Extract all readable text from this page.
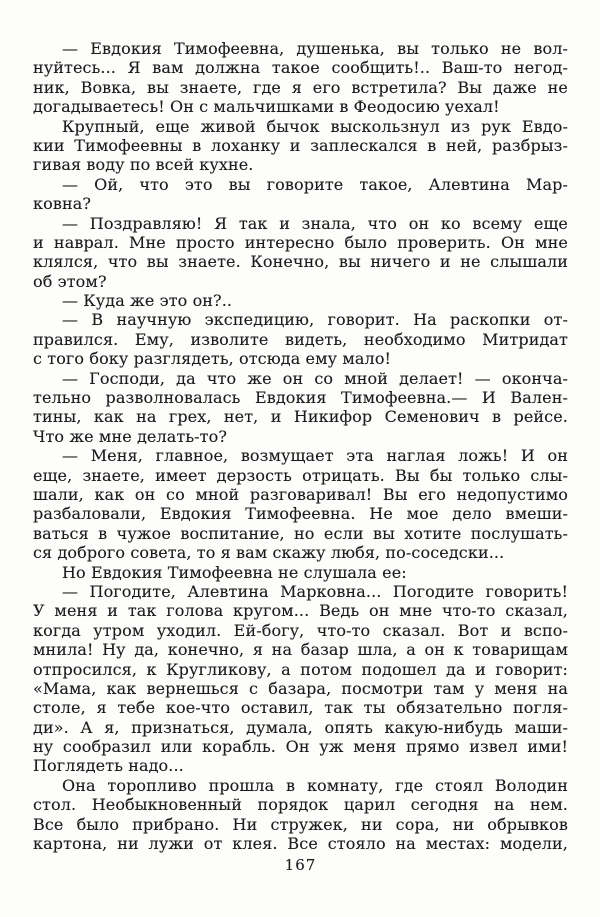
— Евдокия Тимофеевна, душенька, вы только не вол-
нуйтесь... Я вам должна такое сообщить!.. Ваш-то негод-
ник, Вовка, вы знаете, где я его встретила? Вы даже не
догадываетесь! Он с мальчишками в Феодосию уехал!
Крупный, еще живой бычок выскользнул из рук Евдо-
кии Тимофеевны в лоханку и заплескался в ней, разбрыз-
гивая воду по всей кухне.
— Ой, что это вы говорите такое, Алевтина Мар-
ковна?
— Поздравляю! Я так и знала, что он ко всему еще
и наврал. Мне просто интересно было проверить. Он мне
клялся, что вы знаете. Конечно, вы ничего и не слышали
об этом?
— Куда же это он?..
— В научную экспедицию, говорит. На раскопки от-
правился. Ему, изволите видеть, необходимо Митридат
с того боку разглядеть, отсюда ему мало!
— Господи, да что же он со мной делает! — оконча-
тельно разволновалась Евдокия Тимофеевна.— И Вален-
тины, как на грех, нет, и Никифор Семенович в рейсе.
Что же мне делать-то?
— Меня, главное, возмущает эта наглая ложь! И он
еще, знаете, имеет дерзость отрицать. Вы бы только слы-
шали, как он со мной разговаривал! Вы его недопустимо
разбаловали, Евдокия Тимофеевна. Не мое дело вмеши-
ваться в чужое воспитание, но если вы хотите послушать-
ся доброго совета, то я вам скажу любя, по-соседски...
Но Евдокия Тимофеевна не слушала ее:
— Погодите, Алевтина Марковна... Погодите говорить!
У меня и так голова кругом... Ведь он мне что-то сказал,
когда утром уходил. Ей-богу, что-то сказал. Вот и вспо-
мнила! Ну да, конечно, я на базар шла, а он к товарищам
отпросился, к Кругликову, а потом подошел да и говорит:
«Мама, как вернешься с базара, посмотри там у меня на
столе, я тебе кое-что оставил, так ты обязательно погля-
ди». А я, признаться, думала, опять какую-нибудь маши-
ну сообразил или корабль. Он уж меня прямо извел ими!
Поглядеть надо...
Она торопливо прошла в комнату, где стоял Володин
стол. Необыкновенный порядок царил сегодня на нем.
Все было прибрано. Ни стружек, ни сора, ни обрывков
картона, ни лужи от клея. Все стояло на местах: модели,
167
